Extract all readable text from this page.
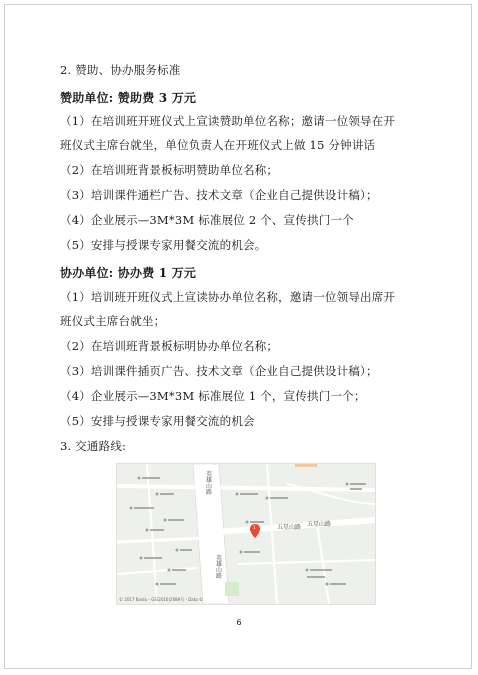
2. 赞助、协办服务标准
赞助单位: 赞助费 3 万元
（1）在培训班开班仪式上宣读赞助单位名称；邀请一位领导在开
班仪式主席台就坐，单位负责人在开班仪式上做 15 分钟讲话
（2）在培训班背景板标明赞助单位名称；
（3）培训课件通栏广告、技术文章（企业自己提供设计稿）；
（4）企业展示—3M*3M 标准展位 2 个、宣传拱门一个
（5）安排与授课专家用餐交流的机会。
协办单位: 协办费 1 万元
（1）培训班开班仪式上宣读协办单位名称，邀请一位领导出席开
班仪式主席台就坐；
（2）在培训班背景板标明协办单位名称；
（3）培训课件插页广告、技术文章（企业自己提供设计稿）；
（4）企业展示—3M*3M 标准展位 1 个，宣传拱门一个；
（5）安排与授课专家用餐交流的机会
3. 交通路线:
1	五星山路 五星山路
英雄山路
英雄山路
© 2017 Baidu - GS(2016)2089号 - Data ©
6
